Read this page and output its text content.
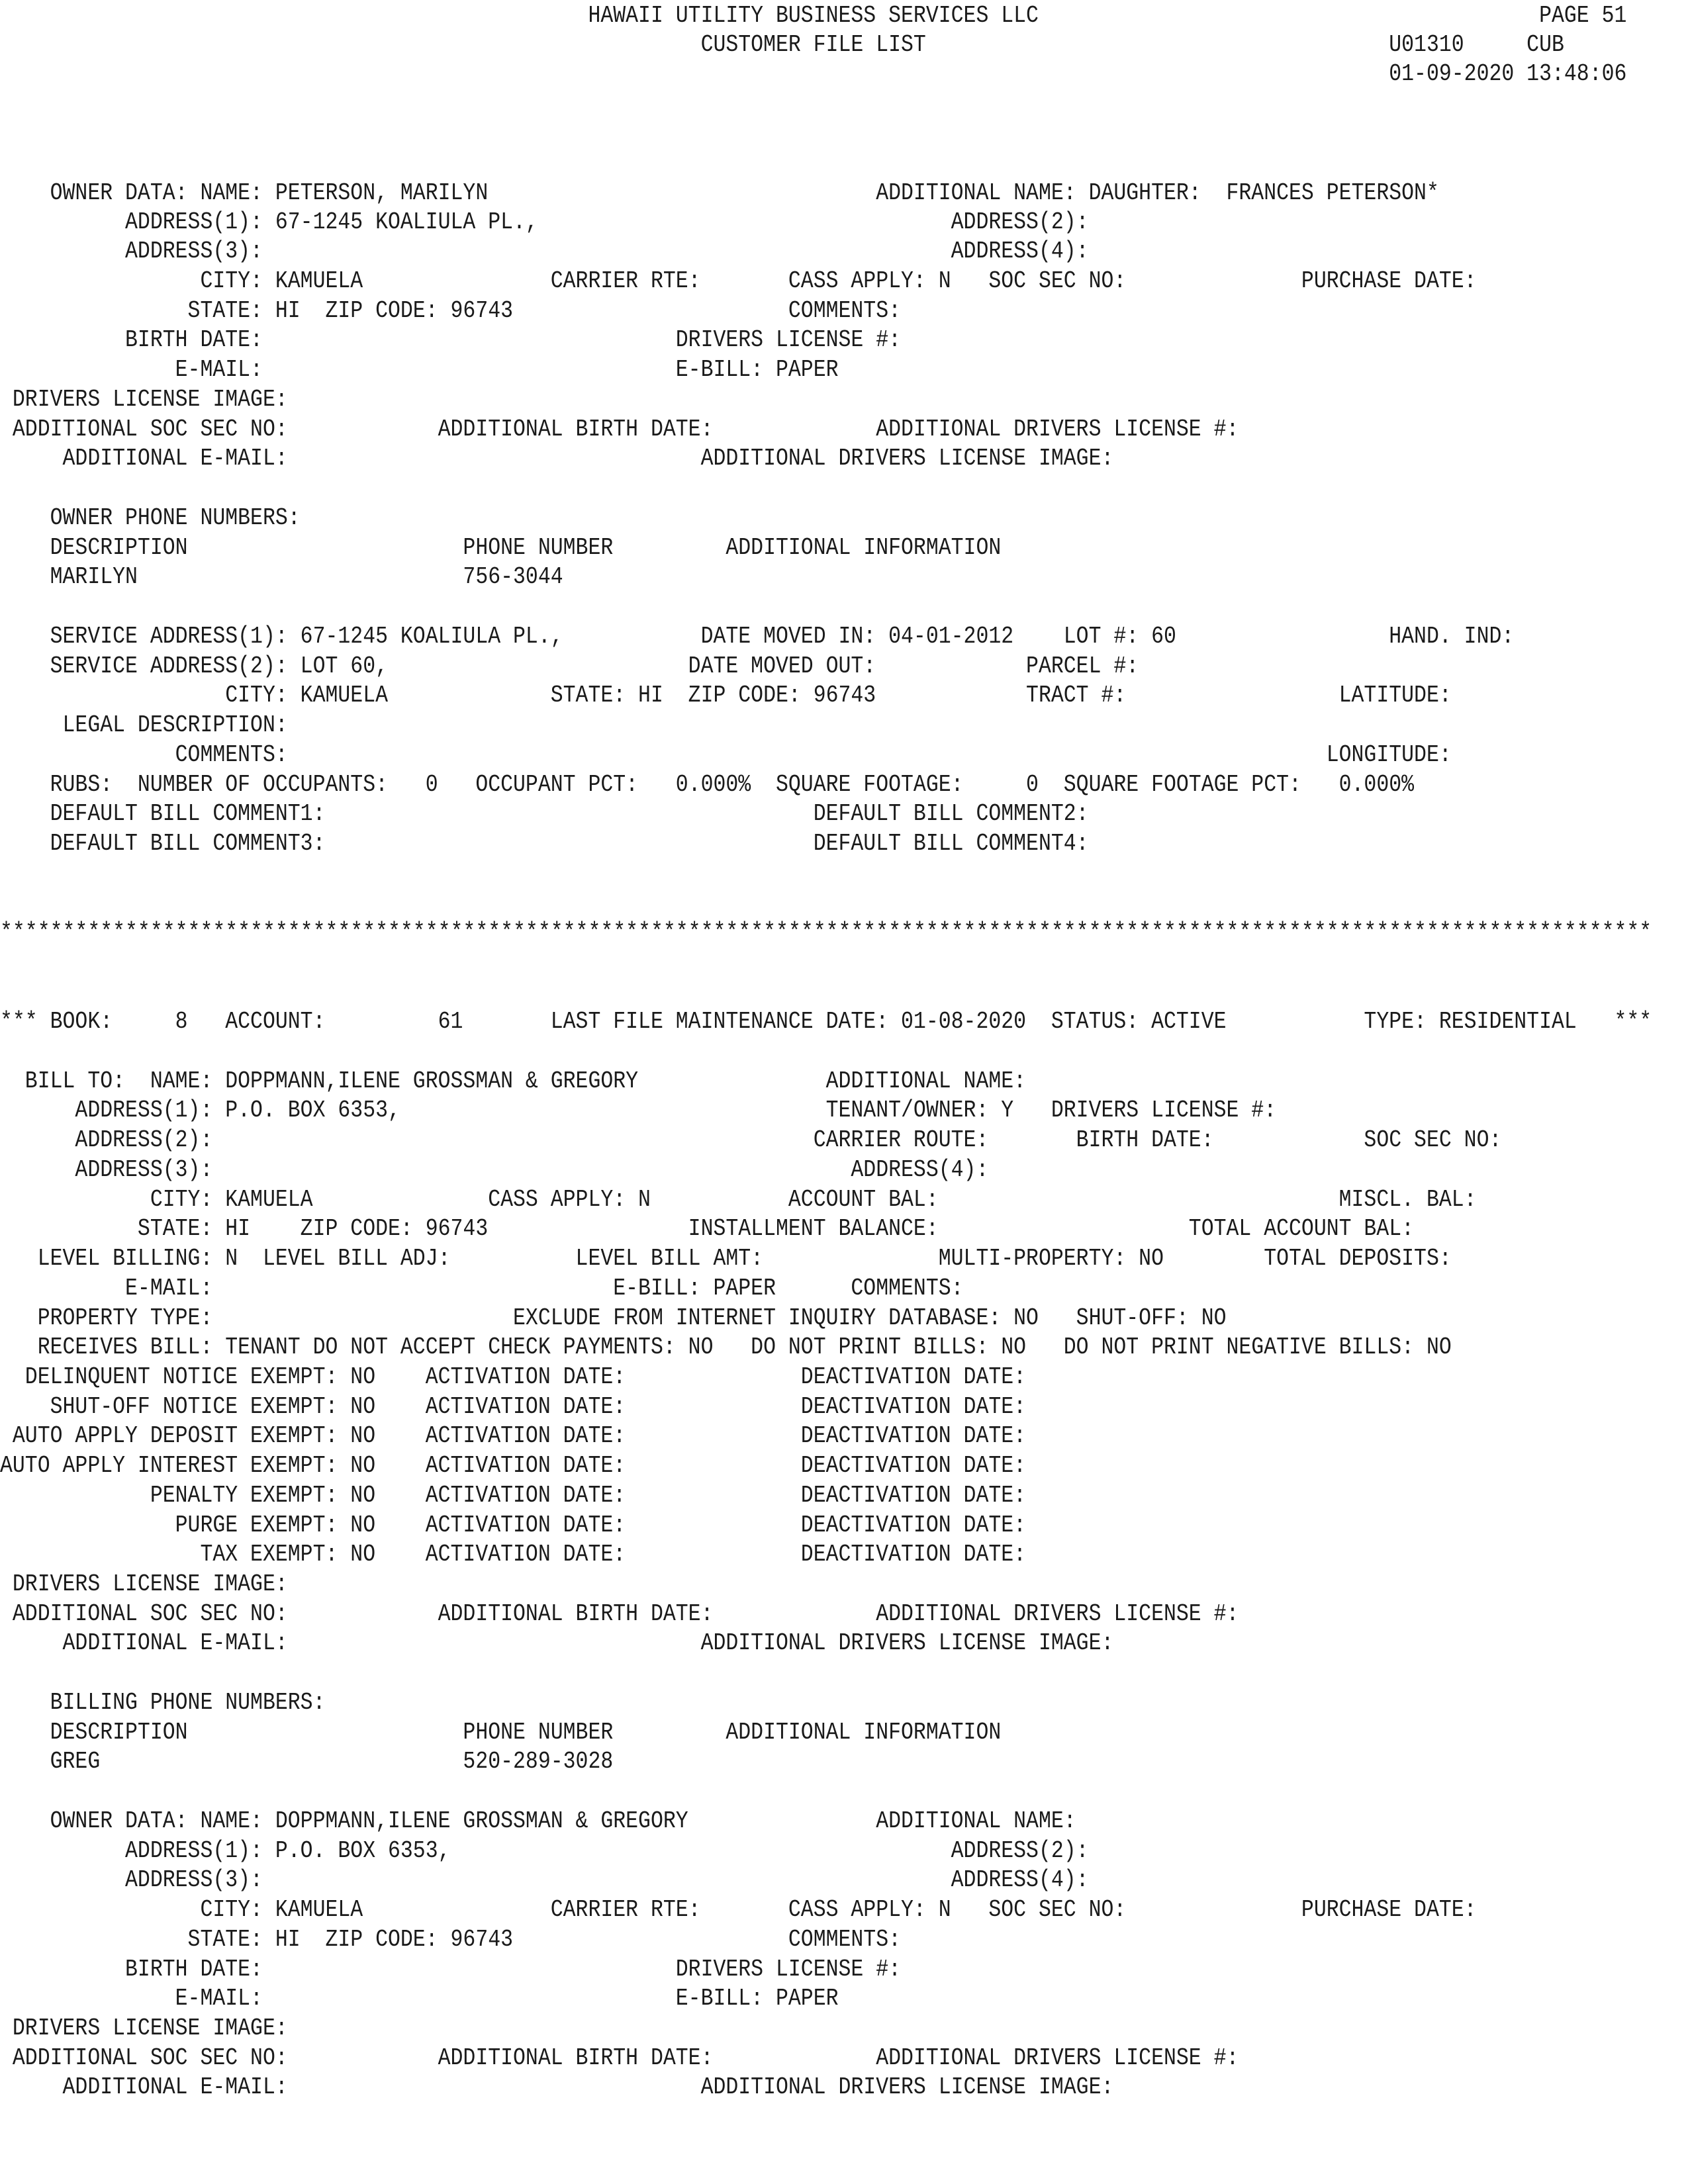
HAWAII UTILITY BUSINESS SERVICES LLC                                        PAGE 51
CUSTOMER FILE LIST                                     U01310     CUB
01-09-2020 13:48:06
OWNER DATA: NAME: PETERSON, MARILYN                               ADDITIONAL NAME: DAUGHTER:  FRANCES PETERSON*
ADDRESS(1): 67-1245 KOALIULA PL.,                                 ADDRESS(2):
ADDRESS(3):                                                       ADDRESS(4):
CITY: KAMUELA               CARRIER RTE:       CASS APPLY: N   SOC SEC NO:              PURCHASE DATE:
STATE: HI  ZIP CODE: 96743                      COMMENTS:
BIRTH DATE:                                 DRIVERS LICENSE #:
E-MAIL:                                 E-BILL: PAPER
DRIVERS LICENSE IMAGE:
ADDITIONAL SOC SEC NO:            ADDITIONAL BIRTH DATE:             ADDITIONAL DRIVERS LICENSE #:
ADDITIONAL E-MAIL:                                 ADDITIONAL DRIVERS LICENSE IMAGE:
OWNER PHONE NUMBERS:
DESCRIPTION                      PHONE NUMBER         ADDITIONAL INFORMATION
MARILYN                          756-3044
SERVICE ADDRESS(1): 67-1245 KOALIULA PL.,           DATE MOVED IN: 04-01-2012    LOT #: 60                 HAND. IND:
SERVICE ADDRESS(2): LOT 60,                        DATE MOVED OUT:            PARCEL #:
CITY: KAMUELA             STATE: HI  ZIP CODE: 96743            TRACT #:                 LATITUDE:
LEGAL DESCRIPTION:
COMMENTS:                                                                                   LONGITUDE:
RUBS:  NUMBER OF OCCUPANTS:   0   OCCUPANT PCT:   0.000%  SQUARE FOOTAGE:     0  SQUARE FOOTAGE PCT:   0.000%
DEFAULT BILL COMMENT1:                                       DEFAULT BILL COMMENT2:
DEFAULT BILL COMMENT3:                                       DEFAULT BILL COMMENT4:
************************************************************************************************************************************
*** BOOK:     8   ACCOUNT:         61       LAST FILE MAINTENANCE DATE: 01-08-2020  STATUS: ACTIVE           TYPE: RESIDENTIAL   ***
BILL TO:  NAME: DOPPMANN,ILENE GROSSMAN & GREGORY               ADDITIONAL NAME:
ADDRESS(1): P.O. BOX 6353,                                  TENANT/OWNER: Y   DRIVERS LICENSE #:
ADDRESS(2):                                                CARRIER ROUTE:       BIRTH DATE:            SOC SEC NO:
ADDRESS(3):                                                   ADDRESS(4):
CITY: KAMUELA              CASS APPLY: N           ACCOUNT BAL:                                MISCL. BAL:
STATE: HI    ZIP CODE: 96743                INSTALLMENT BALANCE:                    TOTAL ACCOUNT BAL:
LEVEL BILLING: N  LEVEL BILL ADJ:          LEVEL BILL AMT:              MULTI-PROPERTY: NO        TOTAL DEPOSITS:
E-MAIL:                                E-BILL: PAPER      COMMENTS:
PROPERTY TYPE:                        EXCLUDE FROM INTERNET INQUIRY DATABASE: NO   SHUT-OFF: NO
RECEIVES BILL: TENANT DO NOT ACCEPT CHECK PAYMENTS: NO   DO NOT PRINT BILLS: NO   DO NOT PRINT NEGATIVE BILLS: NO
DELINQUENT NOTICE EXEMPT: NO    ACTIVATION DATE:              DEACTIVATION DATE:
SHUT-OFF NOTICE EXEMPT: NO    ACTIVATION DATE:              DEACTIVATION DATE:
AUTO APPLY DEPOSIT EXEMPT: NO    ACTIVATION DATE:              DEACTIVATION DATE:
AUTO APPLY INTEREST EXEMPT: NO    ACTIVATION DATE:              DEACTIVATION DATE:
PENALTY EXEMPT: NO    ACTIVATION DATE:              DEACTIVATION DATE:
PURGE EXEMPT: NO    ACTIVATION DATE:              DEACTIVATION DATE:
TAX EXEMPT: NO    ACTIVATION DATE:              DEACTIVATION DATE:
DRIVERS LICENSE IMAGE:
ADDITIONAL SOC SEC NO:            ADDITIONAL BIRTH DATE:             ADDITIONAL DRIVERS LICENSE #:
ADDITIONAL E-MAIL:                                 ADDITIONAL DRIVERS LICENSE IMAGE:
BILLING PHONE NUMBERS:
DESCRIPTION                      PHONE NUMBER         ADDITIONAL INFORMATION
GREG                             520-289-3028
OWNER DATA: NAME: DOPPMANN,ILENE GROSSMAN & GREGORY               ADDITIONAL NAME:
ADDRESS(1): P.O. BOX 6353,                                        ADDRESS(2):
ADDRESS(3):                                                       ADDRESS(4):
CITY: KAMUELA               CARRIER RTE:       CASS APPLY: N   SOC SEC NO:              PURCHASE DATE:
STATE: HI  ZIP CODE: 96743                      COMMENTS:
BIRTH DATE:                                 DRIVERS LICENSE #:
E-MAIL:                                 E-BILL: PAPER
DRIVERS LICENSE IMAGE:
ADDITIONAL SOC SEC NO:            ADDITIONAL BIRTH DATE:             ADDITIONAL DRIVERS LICENSE #:
ADDITIONAL E-MAIL:                                 ADDITIONAL DRIVERS LICENSE IMAGE:
